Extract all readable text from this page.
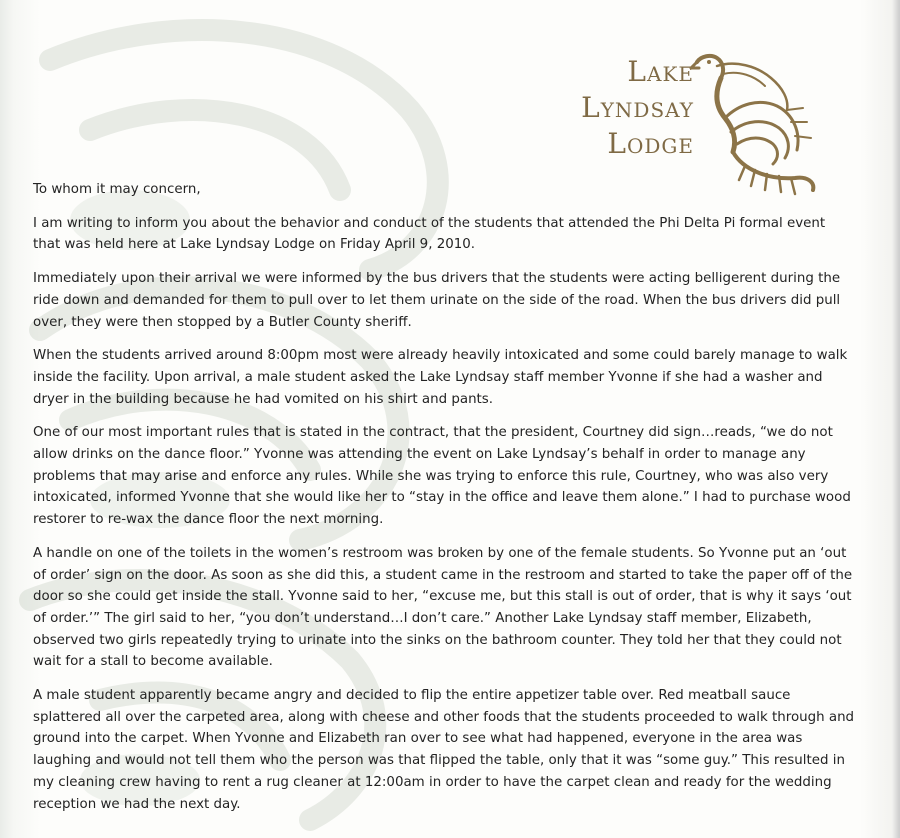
Lake
Lyndsay
Lodge

To whom it may concern,

I am writing to inform you about the behavior and conduct of the students that attended the Phi Delta Pi formal event that was held here at Lake Lyndsay Lodge on Friday April 9, 2010.

Immediately upon their arrival we were informed by the bus drivers that the students were acting belligerent during the ride down and demanded for them to pull over to let them urinate on the side of the road. When the bus drivers did pull over, they were then stopped by a Butler County sheriff.

When the students arrived around 8:00pm most were already heavily intoxicated and some could barely manage to walk inside the facility. Upon arrival, a male student asked the Lake Lyndsay staff member Yvonne if she had a washer and dryer in the building because he had vomited on his shirt and pants.

One of our most important rules that is stated in the contract, that the president, Courtney did sign…reads, “we do not allow drinks on the dance floor.” Yvonne was attending the event on Lake Lyndsay’s behalf in order to manage any problems that may arise and enforce any rules. While she was trying to enforce this rule, Courtney, who was also very intoxicated, informed Yvonne that she would like her to “stay in the office and leave them alone.” I had to purchase wood restorer to re-wax the dance floor the next morning.

A handle on one of the toilets in the women’s restroom was broken by one of the female students. So Yvonne put an ‘out of order’ sign on the door. As soon as she did this, a student came in the restroom and started to take the paper off of the door so she could get inside the stall. Yvonne said to her, “excuse me, but this stall is out of order, that is why it says ‘out of order.’” The girl said to her, “you don’t understand…I don’t care.” Another Lake Lyndsay staff member, Elizabeth, observed two girls repeatedly trying to urinate into the sinks on the bathroom counter. They told her that they could not wait for a stall to become available.

A male student apparently became angry and decided to flip the entire appetizer table over. Red meatball sauce splattered all over the carpeted area, along with cheese and other foods that the students proceeded to walk through and ground into the carpet. When Yvonne and Elizabeth ran over to see what had happened, everyone in the area was laughing and would not tell them who the person was that flipped the table, only that it was “some guy.” This resulted in my cleaning crew having to rent a rug cleaner at 12:00am in order to have the carpet clean and ready for the wedding reception we had the next day.
